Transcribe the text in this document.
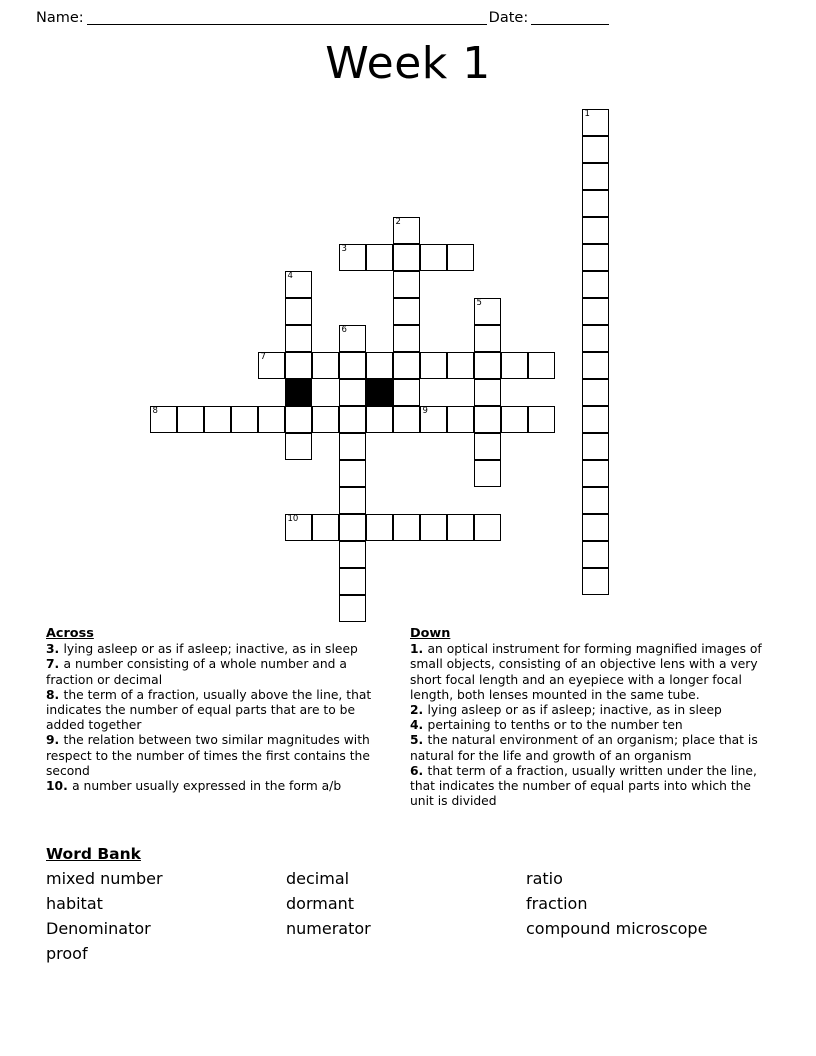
Name:	Date:
Week 1
1
2
3
4
5
6
7
8	9
10
Across
3. lying asleep or as if asleep; inactive, as in sleep
7. a number consisting of a whole number and a fraction or decimal
8. the term of a fraction, usually above the line, that indicates the number of equal parts that are to be added together
9. the relation between two similar magnitudes with respect to the number of times the first contains the second
10. a number usually expressed in the form a/b
Down
1. an optical instrument for forming magnified images of small objects, consisting of an objective lens with a very short focal length and an eyepiece with a longer focal length, both lenses mounted in the same tube.
2. lying asleep or as if asleep; inactive, as in sleep
4. pertaining to tenths or to the number ten
5. the natural environment of an organism; place that is natural for the life and growth of an organism
6. that term of a fraction, usually written under the line, that indicates the number of equal parts into which the unit is divided
Word Bank
mixed number	decimal	ratio
habitat	dormant	fraction
Denominator	numerator	compound microscope
proof
